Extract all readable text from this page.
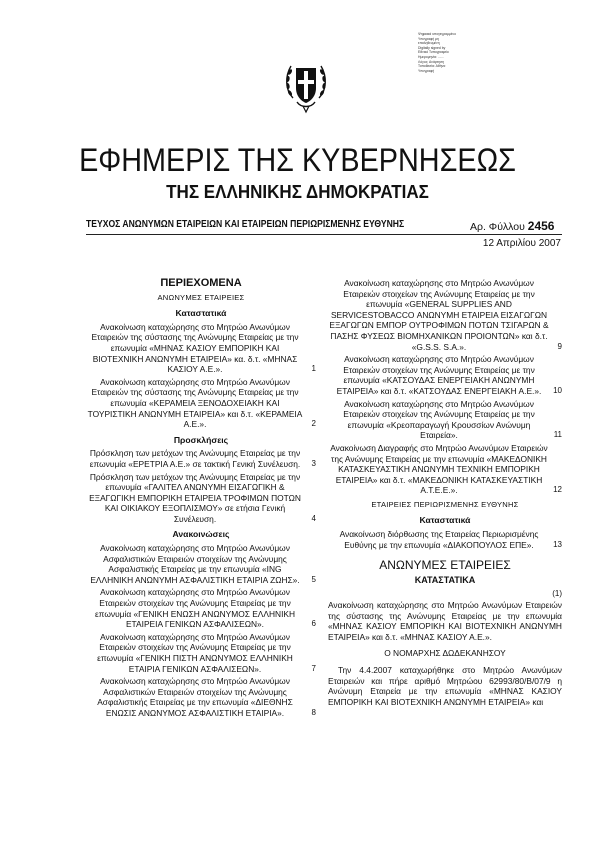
Ψηφιακά υπογεγραμμένο
Υπογραφή μη
επαληθευμένη
Digitally signed by
Εθνικό Τυπογραφείο
Ημερομηνία: ......
Λόγος: Ανάρτηση
Τοποθεσία: Αθήνα
Υπογραφή
ΕΦΗΜΕΡΙΣ ΤΗΣ ΚΥΒΕΡΝΗΣΕΩΣ
ΤΗΣ ΕΛΛΗΝΙΚΗΣ ΔΗΜΟΚΡΑΤΙΑΣ
ΤΕΥΧΟΣ ΑΝΩΝΥΜΩΝ ΕΤΑΙΡΕΙΩΝ ΚΑΙ ΕΤΑΙΡΕΙΩΝ ΠΕΡΙΩΡΙΣΜΕΝΗΣ ΕΥΘΥΝΗΣ	Αρ. Φύλλου 2456
12 Απριλίου 2007
ΠΕΡΙΕΧΟΜΕΝΑ
ΑΝΩΝΥΜΕΣ ΕΤΑΙΡΕΙΕΣ
Καταστατικά
Ανακοίνωση καταχώρησης στο Μητρώο Ανωνύμων Εταιρειών της σύστασης της Ανώνυμης Εταιρείας με την επωνυμία «ΜΗΝΑΣ ΚΑΣΙΟΥ ΕΜΠΟΡΙΚΗ ΚΑΙ ΒΙΟΤΕΧΝΙΚΗ ΑΝΩΝΥΜΗ ΕΤΑΙΡΕΙΑ» κα. δ.τ. «ΜΗΝΑΣ ΚΑΣΙΟΥ Α.Ε.».	1
Ανακοίνωση καταχώρησης στο Μητρώο Ανωνύμων Εταιρειών της σύστασης της Ανώνυμης Εταιρείας με την επωνυμία «ΚΕΡΑΜΕΙΑ ΞΕΝΟΔΟΧΕΙΑΚΗ ΚΑΙ ΤΟΥΡΙΣΤΙΚΗ ΑΝΩΝΥΜΗ ΕΤΑΙΡΕΙΑ» και δ.τ. «ΚΕΡΑΜΕΙΑ Α.Ε.».	2
Προσκλήσεις
Πρόσκληση των μετόχων της Ανώνυμης Εταιρείας με την επωνυμία «ΕΡΕΤΡΙΑ Α.Ε.» σε τακτική Γενική Συνέλευση.	3
Πρόσκληση των μετόχων της Ανώνυμης Εταιρείας με την επωνυμία «ΓΑΛΙΤΕΛ ΑΝΩΝΥΜΗ ΕΙΣΑΓΩΓΙΚΗ & ΕΞΑΓΩΓΙΚΗ ΕΜΠΟΡΙΚΗ ΕΤΑΙΡΕΙΑ ΤΡΟΦΙΜΩΝ ΠΟΤΩΝ ΚΑΙ ΟΙΚΙΑΚΟΥ ΕΞΟΠΛΙΣΜΟΥ» σε ετήσια Γενική Συνέλευση.	4
Ανακοινώσεις
Ανακοίνωση καταχώρησης στο Μητρώο Ανωνύμων Ασφαλιστικών Εταιρειών στοιχείων της Ανώνυμης Ασφαλιστικής Εταιρείας με την επωνυμία «ING ΕΛΛΗΝΙΚΗ ΑΝΩΝΥΜΗ ΑΣΦΑΛΙΣΤΙΚΗ ΕΤΑΙΡΙΑ ΖΩΗΣ».	5
Ανακοίνωση καταχώρησης στο Μητρώο Ανωνύμων Εταιρειών στοιχείων της Ανώνυμης Εταιρείας με την επωνυμία «ΓΕΝΙΚΗ ΕΝΩΣΗ ΑΝΩΝΥΜΟΣ ΕΛΛΗΝΙΚΗ ΕΤΑΙΡΕΙΑ ΓΕΝΙΚΩΝ ΑΣΦΑΛΙΣΕΩΝ».	6
Ανακοίνωση καταχώρησης στο Μητρώο Ανωνύμων Εταιρειών στοιχείων της Ανώνυμης Εταιρείας με την επωνυμία «ΓΕΝΙΚΗ ΠΙΣΤΗ ΑΝΩΝΥΜΟΣ ΕΛΛΗΝΙΚΗ ΕΤΑΙΡΙΑ ΓΕΝΙΚΩΝ ΑΣΦΑΛΙΣΕΩΝ».	7
Ανακοίνωση καταχώρησης στο Μητρώο Ανωνύμων Ασφαλιστικών Εταιρειών στοιχείων της Ανώνυμης Ασφαλιστικής Εταιρείας με την επωνυμία «ΔΙΕΘΝΗΣ ΕΝΩΣΙΣ ΑΝΩΝΥΜΟΣ ΑΣΦΑΛΙΣΤΙΚΗ ΕΤΑΙΡΙΑ».	8
Ανακοίνωση καταχώρησης στο Μητρώο Ανωνύμων Εταιρειών στοιχείων της Ανώνυμης Εταιρείας με την επωνυμία «GENERAL SUPPLIES AND SERVICESTOBACCO ΑΝΩΝΥΜΗ ΕΤΑΙΡΕΙΑ ΕΙΣΑΓΩΓΩΝ ΕΞΑΓΩΓΩΝ ΕΜΠΟΡ ΟΥΤΡΟΦΙΜΩΝ ΠΟΤΩΝ ΤΣΙΓΑΡΩΝ & ΠΑΣΗΣ ΦΥΣΕΩΣ ΒΙΟΜΗΧΑΝΙΚΩΝ ΠΡΟΙΟΝΤΩΝ» και δ.τ. «G.S.S. S.A.».	9
Ανακοίνωση καταχώρησης στο Μητρώο Ανωνύμων Εταιρειών στοιχείων της Ανώνυμης Εταιρείας με την επωνυμία «ΚΑΤΣΟΥΔΑΣ ΕΝΕΡΓΕΙΑΚΗ ΑΝΩΝΥΜΗ ΕΤΑΙΡΕΙΑ» και δ.τ. «ΚΑΤΣΟΥΔΑΣ ΕΝΕΡΓΕΙΑΚΗ Α.Ε.».	10
Ανακοίνωση καταχώρησης στο Μητρώο Ανωνύμων Εταιρειών στοιχείων της Ανώνυμης Εταιρείας με την επωνυμία «Κρεοπαραγωγή Κρουσσίων Ανώνυμη Εταιρεία».	11
Ανακοίνωση Διαγραφής στο Μητρώο Ανωνύμων Εταιρειών της Ανώνυμης Εταιρείας με την επωνυμία «ΜΑΚΕΔΟΝΙΚΗ ΚΑΤΑΣΚΕΥΑΣΤΙΚΗ ΑΝΩΝΥΜΗ ΤΕΧΝΙΚΗ ΕΜΠΟΡΙΚΗ ΕΤΑΙΡΕΙΑ» και δ.τ. «ΜΑΚΕΔΟΝΙΚΗ ΚΑΤΑΣΚΕΥΑΣΤΙΚΗ Α.Τ.Ε.Ε.».	12
ΕΤΑΙΡΕΙΕΣ ΠΕΡΙΩΡΙΣΜΕΝΗΣ ΕΥΘΥΝΗΣ
Καταστατικά
Ανακοίνωση διόρθωσης της Εταιρείας Περιωρισμένης Ευθύνης με την επωνυμία «ΔΙΑΚΟΠΟΥΛΟΣ ΕΠΕ».	13
ΑΝΩΝΥΜΕΣ ΕΤΑΙΡΕΙΕΣ
ΚΑΤΑΣΤΑΤΙΚΑ
(1)
Ανακοίνωση καταχώρησης στο Μητρώο Ανωνύμων Εταιρειών της σύστασης της Ανώνυμης Εταιρείας με την επωνυμία «ΜΗΝΑΣ ΚΑΣΙΟΥ ΕΜΠΟΡΙΚΗ ΚΑΙ ΒΙΟΤΕΧΝΙΚΗ ΑΝΩΝΥΜΗ ΕΤΑΙΡΕΙΑ» και δ.τ. «ΜΗΝΑΣ ΚΑΣΙΟΥ Α.Ε.».
Ο ΝΟΜΑΡΧΗΣ ΔΩΔΕΚΑΝΗΣΟΥ
Την 4.4.2007 καταχωρήθηκε στο Μητρώο Ανωνύμων Εταιρειών και πήρε αριθμό Μητρώου 62993/80/Β/07/9 η Ανώνυμη Εταιρεία με την επωνυμία «ΜΗΝΑΣ ΚΑΣΙΟΥ ΕΜΠΟΡΙΚΗ ΚΑΙ ΒΙΟΤΕΧΝΙΚΗ ΑΝΩΝΥΜΗ ΕΤΑΙΡΕΙΑ» και
